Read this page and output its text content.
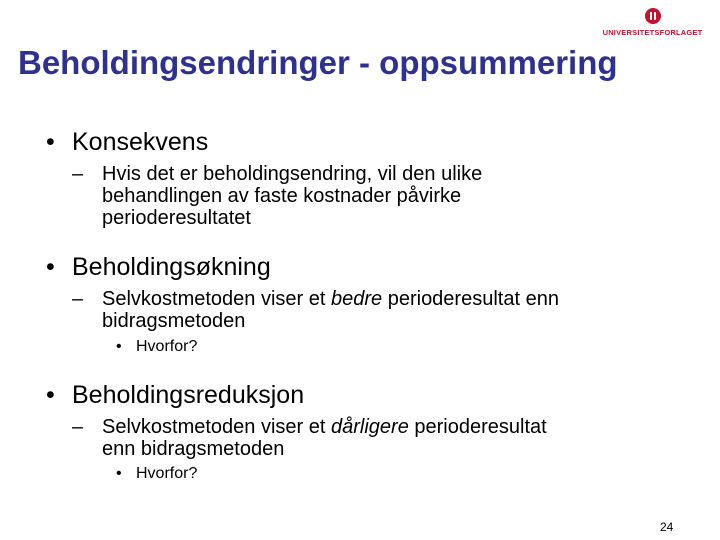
UNIVERSITETSFORLAGET
Beholdingsendringer - oppsummering
• Konsekvens
– Hvis det er beholdingsendring, vil den ulike
behandlingen av faste kostnader påvirke
perioderesultatet
• Beholdingsøkning
– Selvkostmetoden viser et bedre perioderesultat enn
bidragsmetoden
• Hvorfor?
• Beholdingsreduksjon
– Selvkostmetoden viser et dårligere perioderesultat
enn bidragsmetoden
• Hvorfor?
24
